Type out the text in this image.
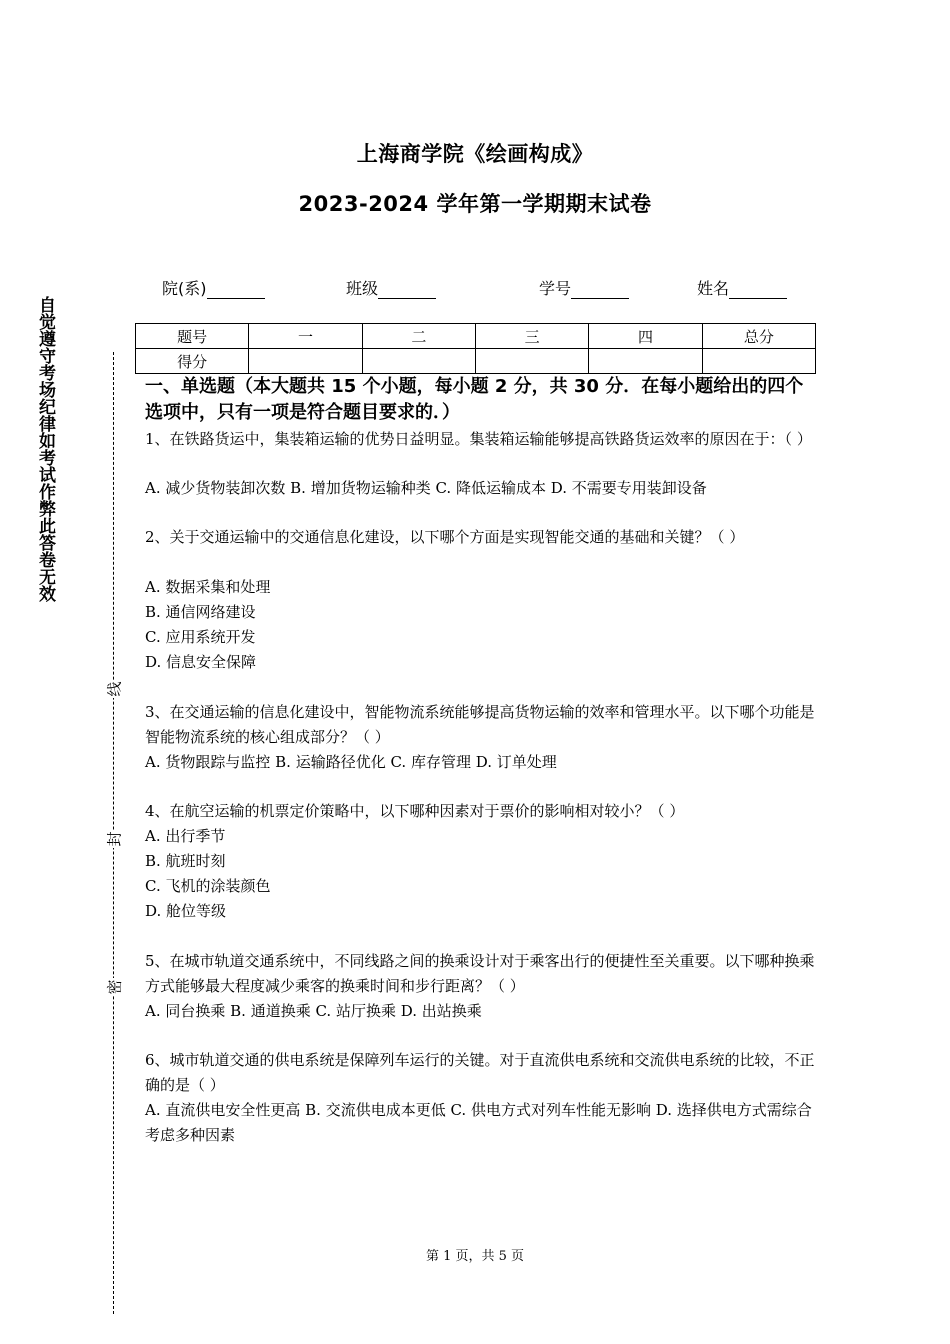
上海商学院《绘画构成》
2023-2024 学年第一学期期末试卷
自觉遵守考场纪律如考试作弊此答卷无效
线
封
密
院(系)	班级	学号	姓名
题号	一	二	三	四	总分
得分					
一、单选题（本大题共 15 个小题，每小题 2 分，共 30 分．在每小题给出的四个选项中，只有一项是符合题目要求的．）
1、在铁路货运中，集装箱运输的优势日益明显。集装箱运输能够提高铁路货运效率的原因在于：（ ）
A. 减少货物装卸次数 B. 增加货物运输种类 C. 降低运输成本 D. 不需要专用装卸设备
2、关于交通运输中的交通信息化建设，以下哪个方面是实现智能交通的基础和关键？（ ）
A. 数据采集和处理
B. 通信网络建设
C. 应用系统开发
D. 信息安全保障
3、在交通运输的信息化建设中，智能物流系统能够提高货物运输的效率和管理水平。以下哪个功能是智能物流系统的核心组成部分？（ ）
A. 货物跟踪与监控 B. 运输路径优化 C. 库存管理 D. 订单处理
4、在航空运输的机票定价策略中，以下哪种因素对于票价的影响相对较小？（ ）
A. 出行季节
B. 航班时刻
C. 飞机的涂装颜色
D. 舱位等级
5、在城市轨道交通系统中，不同线路之间的换乘设计对于乘客出行的便捷性至关重要。以下哪种换乘方式能够最大程度减少乘客的换乘时间和步行距离？（ ）
A. 同台换乘 B. 通道换乘 C. 站厅换乘 D. 出站换乘
6、城市轨道交通的供电系统是保障列车运行的关键。对于直流供电系统和交流供电系统的比较，不正确的是（ ）
A. 直流供电安全性更高 B. 交流供电成本更低 C. 供电方式对列车性能无影响 D. 选择供电方式需综合考虑多种因素
第 1 页，共 5 页
